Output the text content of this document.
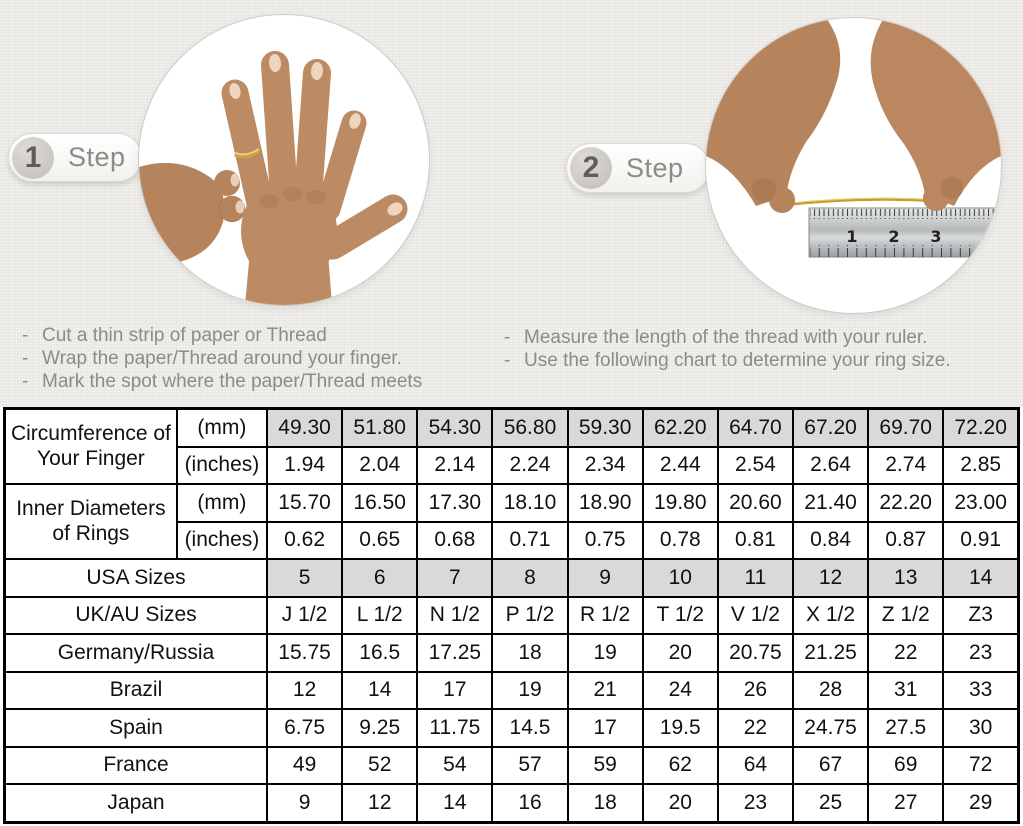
1 Step
- Cut a thin strip of paper or Thread
- Wrap the paper/Thread around your finger.
- Mark the spot where the paper/Thread meets
2 Step
1 2 3
- Measure the length of the thread with your ruler.
- Use the following chart to determine your ring size.
Circumference of Your Finger	(mm)	49.30	51.80	54.30	56.80	59.30	62.20	64.70	67.20	69.70	72.20
	(inches)	1.94	2.04	2.14	2.24	2.34	2.44	2.54	2.64	2.74	2.85
Inner Diameters of Rings	(mm)	15.70	16.50	17.30	18.10	18.90	19.80	20.60	21.40	22.20	23.00
	(inches)	0.62	0.65	0.68	0.71	0.75	0.78	0.81	0.84	0.87	0.91
USA Sizes		5	6	7	8	9	10	11	12	13	14
UK/AU Sizes		J 1/2	L 1/2	N 1/2	P 1/2	R 1/2	T 1/2	V 1/2	X 1/2	Z 1/2	Z3
Germany/Russia		15.75	16.5	17.25	18	19	20	20.75	21.25	22	23
Brazil		12	14	17	19	21	24	26	28	31	33
Spain		6.75	9.25	11.75	14.5	17	19.5	22	24.75	27.5	30
France		49	52	54	57	59	62	64	67	69	72
Japan		9	12	14	16	18	20	23	25	27	29
